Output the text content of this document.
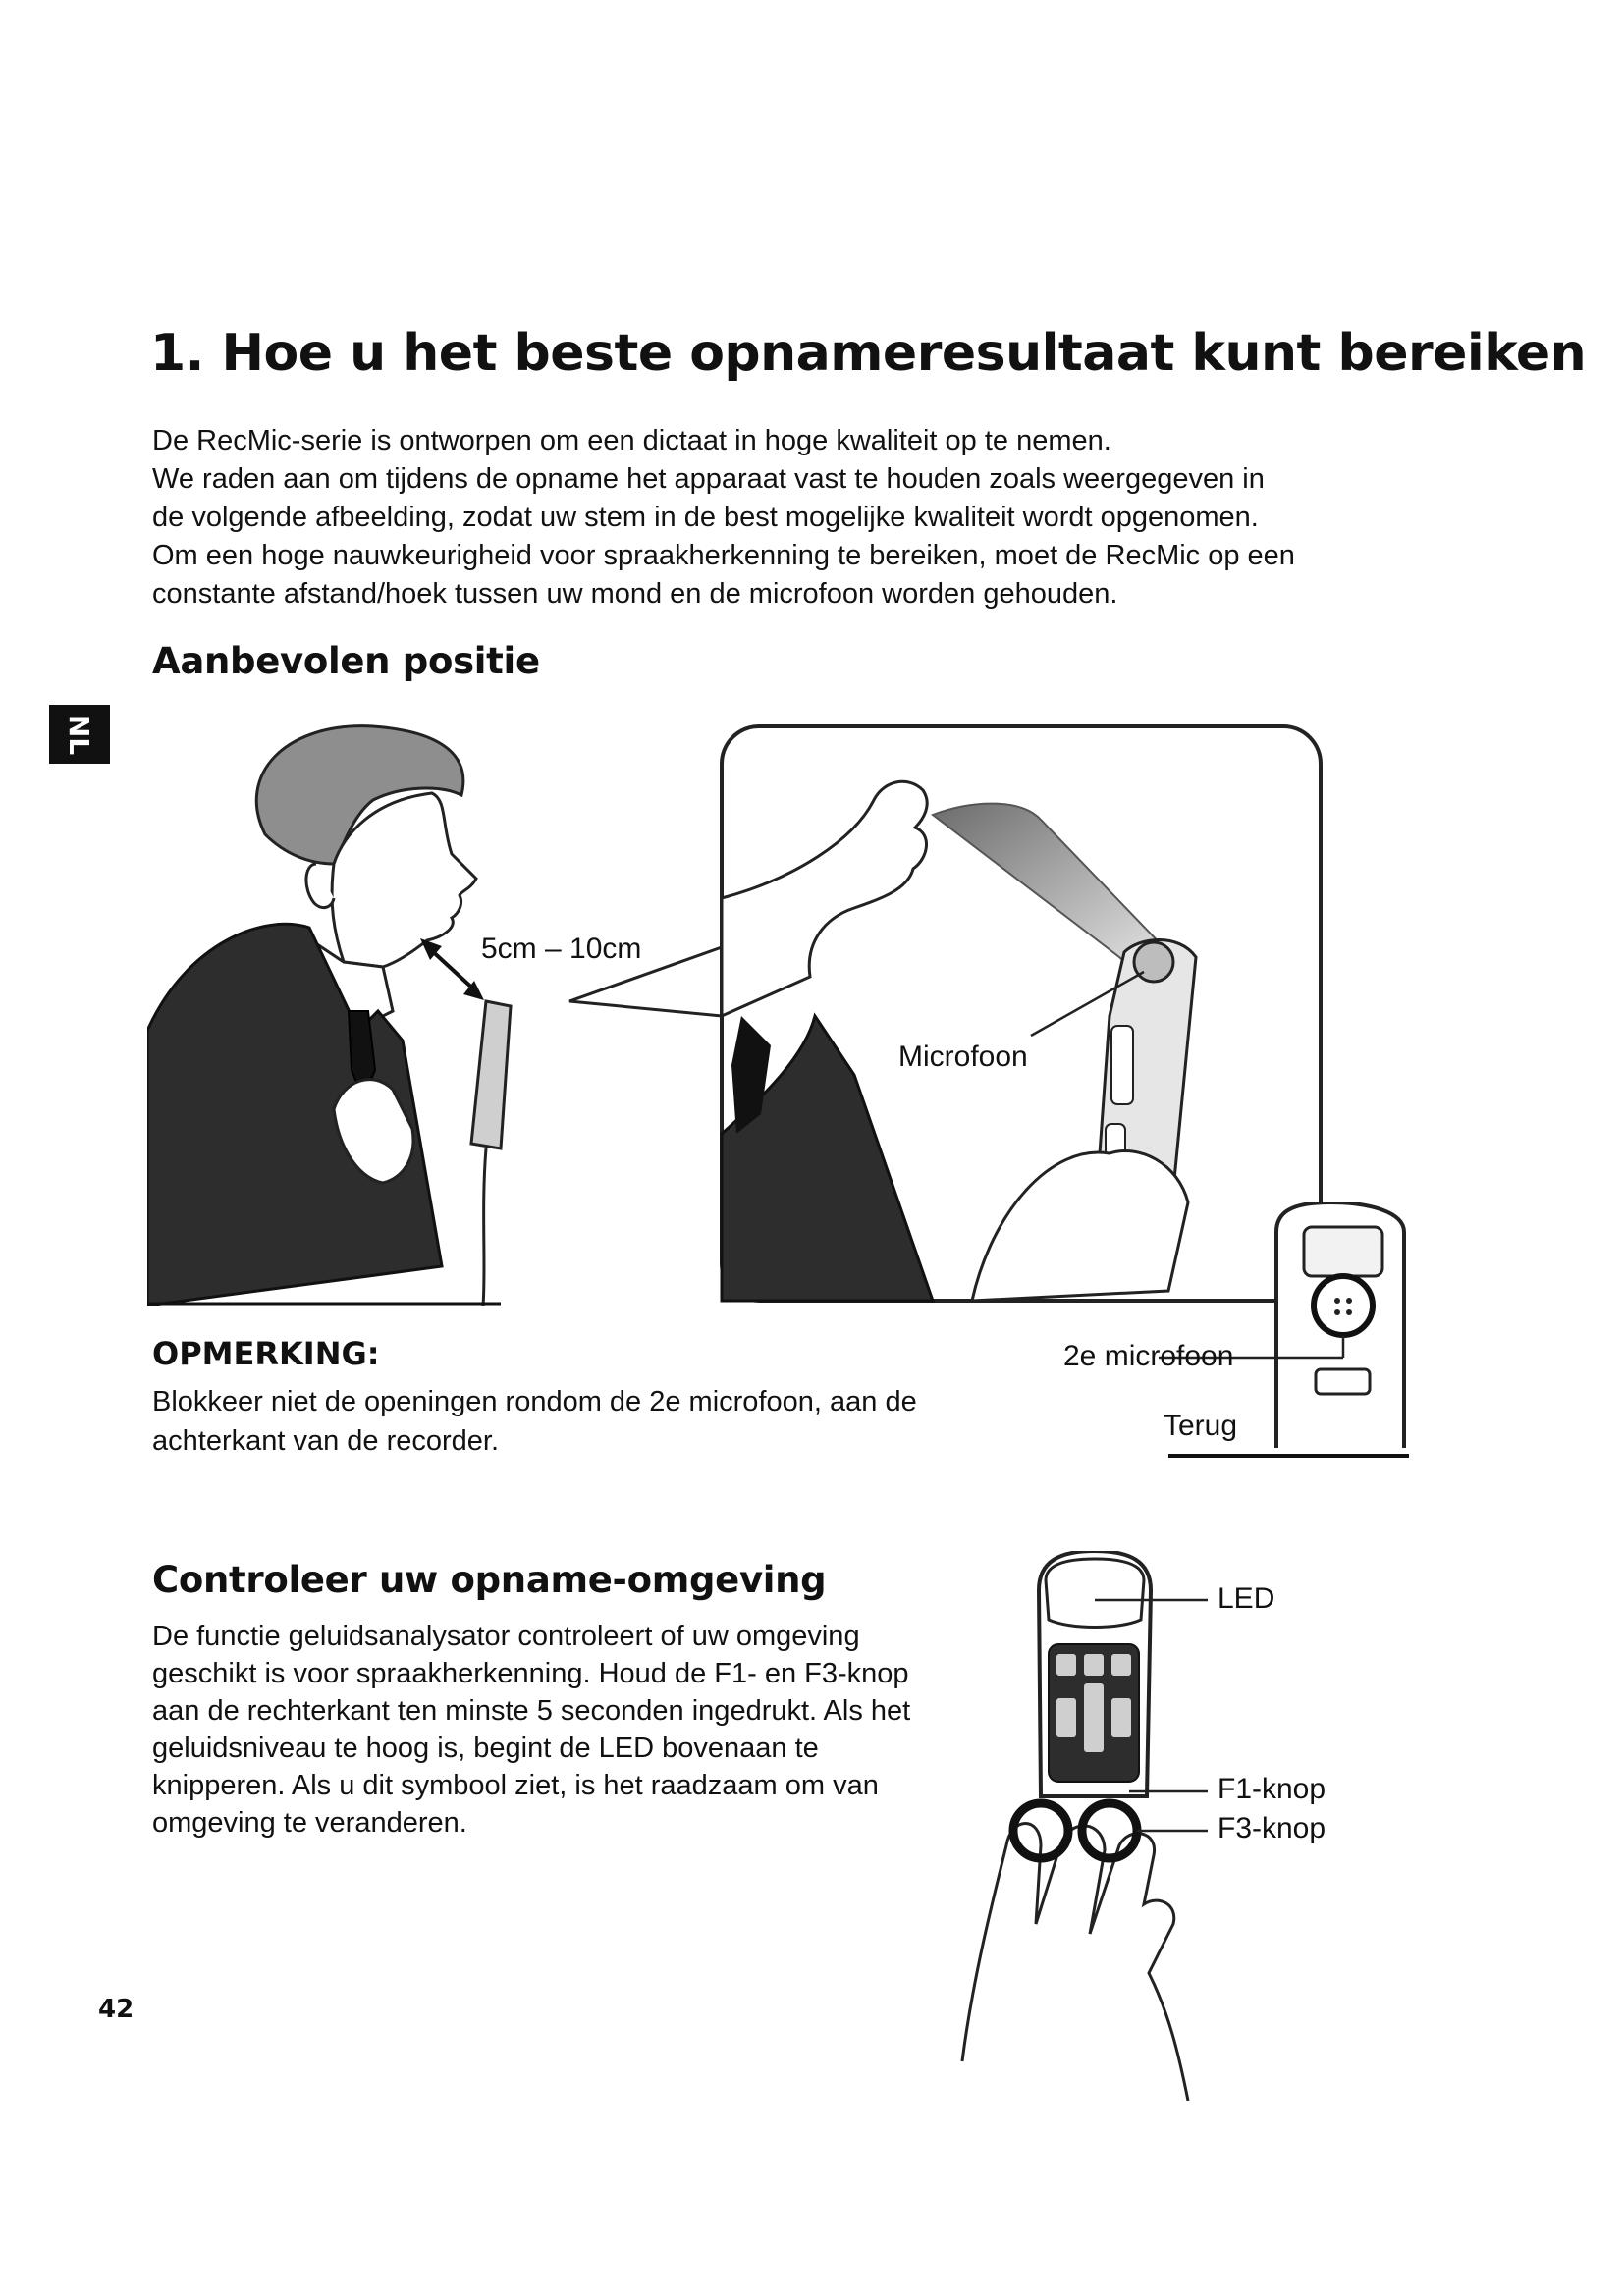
1. Hoe u het beste opnameresultaat kunt bereiken

De RecMic-serie is ontworpen om een dictaat in hoge kwaliteit op te nemen.

We raden aan om tijdens de opname het apparaat vast te houden zoals weergegeven in

de volgende afbeelding, zodat uw stem in de best mogelijke kwaliteit wordt opgenomen.

Om een hoge nauwkeurigheid voor spraakherkenning te bereiken, moet de RecMic op een

constante afstand/hoek tussen uw mond en de microfoon worden gehouden.

Aanbevolen positie
NL
5cm – 10cm
Microfoon
2e microfoon
Terug
OPMERKING:
Blokkeer niet de openingen rondom de 2e microfoon, aan de achterkant van de recorder.
Controleer uw opname-omgeving
De functie geluidsanalysator controleert of uw omgeving geschikt is voor spraakherkenning. Houd de F1- en F3-knop aan de rechterkant ten minste 5 seconden ingedrukt. Als het geluidsniveau te hoog is, begint de LED bovenaan te knipperen. Als u dit symbool ziet, is het raadzaam om van omgeving te veranderen.
LED
F1-knop
F3-knop
42
